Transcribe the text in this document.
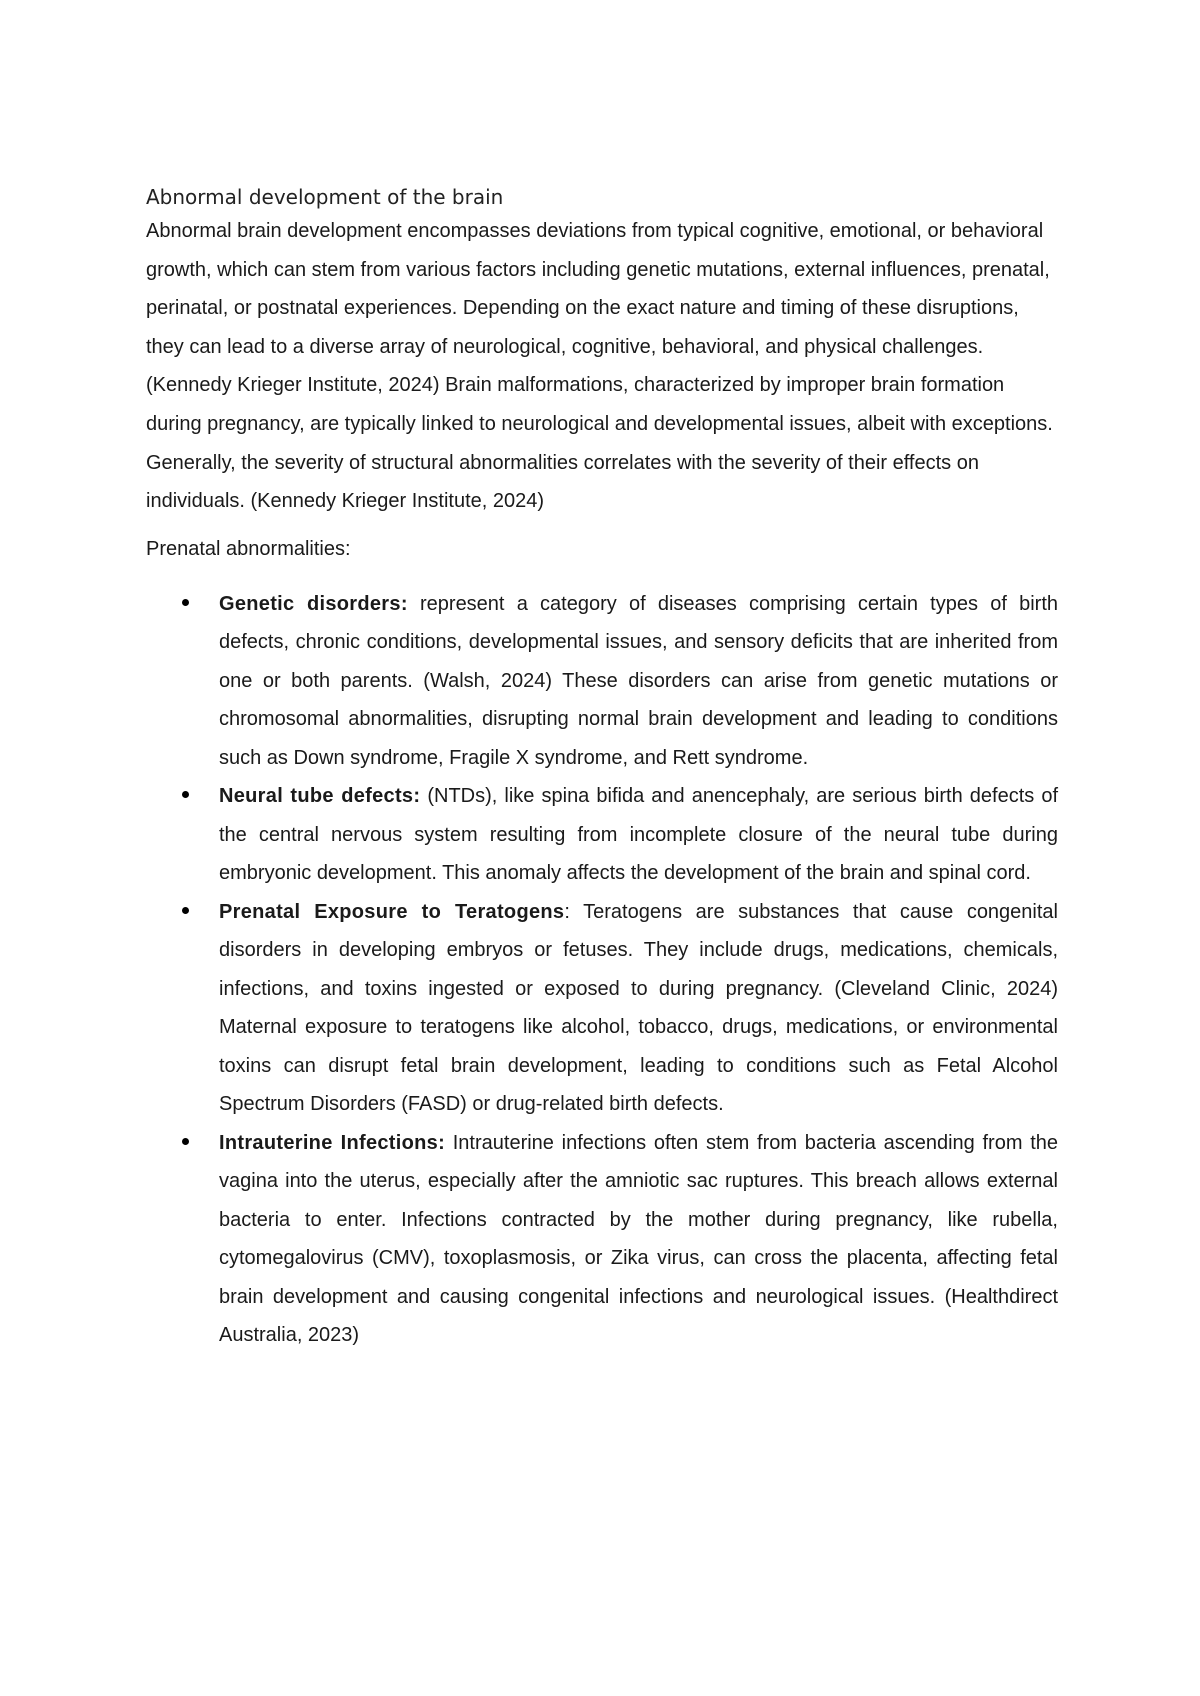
Abnormal development of the brain

Abnormal brain development encompasses deviations from typical cognitive, emotional, or behavioral growth, which can stem from various factors including genetic mutations, external influences, prenatal, perinatal, or postnatal experiences. Depending on the exact nature and timing of these disruptions, they can lead to a diverse array of neurological, cognitive, behavioral, and physical challenges. (Kennedy Krieger Institute, 2024) Brain malformations, characterized by improper brain formation during pregnancy, are typically linked to neurological and developmental issues, albeit with exceptions. Generally, the severity of structural abnormalities correlates with the severity of their effects on individuals. (Kennedy Krieger Institute, 2024)

Prenatal abnormalities:

Genetic disorders: represent a category of diseases comprising certain types of birth defects, chronic conditions, developmental issues, and sensory deficits that are inherited from one or both parents. (Walsh, 2024) These disorders can arise from genetic mutations or chromosomal abnormalities, disrupting normal brain development and leading to conditions such as Down syndrome, Fragile X syndrome, and Rett syndrome.
Neural tube defects: (NTDs), like spina bifida and anencephaly, are serious birth defects of the central nervous system resulting from incomplete closure of the neural tube during embryonic development. This anomaly affects the development of the brain and spinal cord.
Prenatal Exposure to Teratogens: Teratogens are substances that cause congenital disorders in developing embryos or fetuses. They include drugs, medications, chemicals, infections, and toxins ingested or exposed to during pregnancy. (Cleveland Clinic, 2024) Maternal exposure to teratogens like alcohol, tobacco, drugs, medications, or environmental toxins can disrupt fetal brain development, leading to conditions such as Fetal Alcohol Spectrum Disorders (FASD) or drug-related birth defects.
Intrauterine Infections: Intrauterine infections often stem from bacteria ascending from the vagina into the uterus, especially after the amniotic sac ruptures. This breach allows external bacteria to enter. Infections contracted by the mother during pregnancy, like rubella, cytomegalovirus (CMV), toxoplasmosis, or Zika virus, can cross the placenta, affecting fetal brain development and causing congenital infections and neurological issues. (Healthdirect Australia, 2023)
